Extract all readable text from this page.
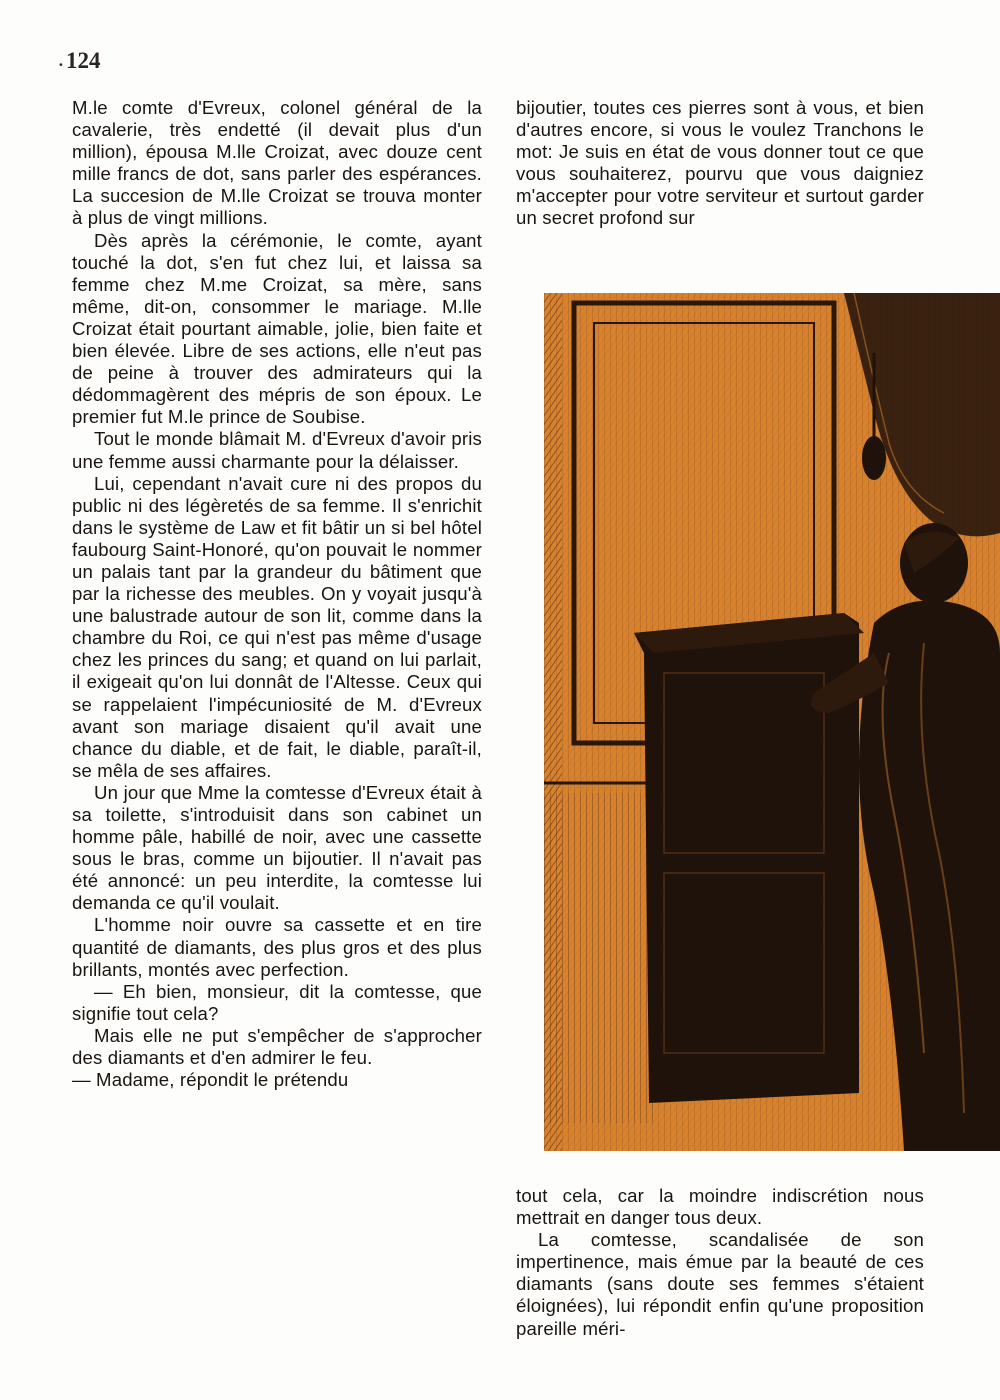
. 124

M.le comte d'Evreux, colonel général de la cavalerie, très endetté (il devait plus d'un million), épousa M.lle Croizat, avec douze cent mille francs de dot, sans parler des espérances. La succesion de M.lle Croizat se trouva monter à plus de vingt millions.

Dès après la cérémonie, le comte, ayant touché la dot, s'en fut chez lui, et laissa sa femme chez M.me Croizat, sa mère, sans même, dit-on, consommer le mariage. M.lle Croizat était pourtant aimable, jolie, bien faite et bien élevée. Libre de ses actions, elle n'eut pas de peine à trouver des admirateurs qui la dédommagèrent des mépris de son époux. Le premier fut M.le prince de Soubise.

Tout le monde blâmait M. d'Evreux d'avoir pris une femme aussi charmante pour la délaisser.

Lui, cependant n'avait cure ni des propos du public ni des légèretés de sa femme. Il s'enrichit dans le système de Law et fit bâtir un si bel hôtel faubourg Saint-Honoré, qu'on pouvait le nommer un palais tant par la grandeur du bâtiment que par la richesse des meubles. On y voyait jusqu'à une balustrade autour de son lit, comme dans la chambre du Roi, ce qui n'est pas même d'usage chez les princes du sang; et quand on lui parlait, il exigeait qu'on lui donnât de l'Altesse. Ceux qui se rappelaient l'impécuniosité de M. d'Evreux avant son mariage disaient qu'il avait une chance du diable, et de fait, le diable, paraît-il, se mêla de ses affaires.

Un jour que Mme la comtesse d'Evreux était à sa toilette, s'introduisit dans son cabinet un homme pâle, habillé de noir, avec une cassette sous le bras, comme un bijoutier. Il n'avait pas été annoncé: un peu interdite, la comtesse lui demanda ce qu'il voulait.

L'homme noir ouvre sa cassette et en tire quantité de diamants, des plus gros et des plus brillants, montés avec perfection.

— Eh bien, monsieur, dit la comtesse, que signifie tout cela?

Mais elle ne put s'empêcher de s'approcher des diamants et d'en admirer le feu.

— Madame, répondit le prétendu

bijoutier, toutes ces pierres sont à vous, et bien d'autres encore, si vous le voulez Tranchons le mot: Je suis en état de vous donner tout ce que vous souhaiterez, pourvu que vous daigniez m'accepter pour votre serviteur et surtout garder un secret profond sur

tout cela, car la moindre indiscrétion nous mettrait en danger tous deux.

La comtesse, scandalisée de son impertinence, mais émue par la beauté de ces diamants (sans doute ses femmes s'étaient éloignées), lui répondit enfin qu'une proposition pareille méri-
